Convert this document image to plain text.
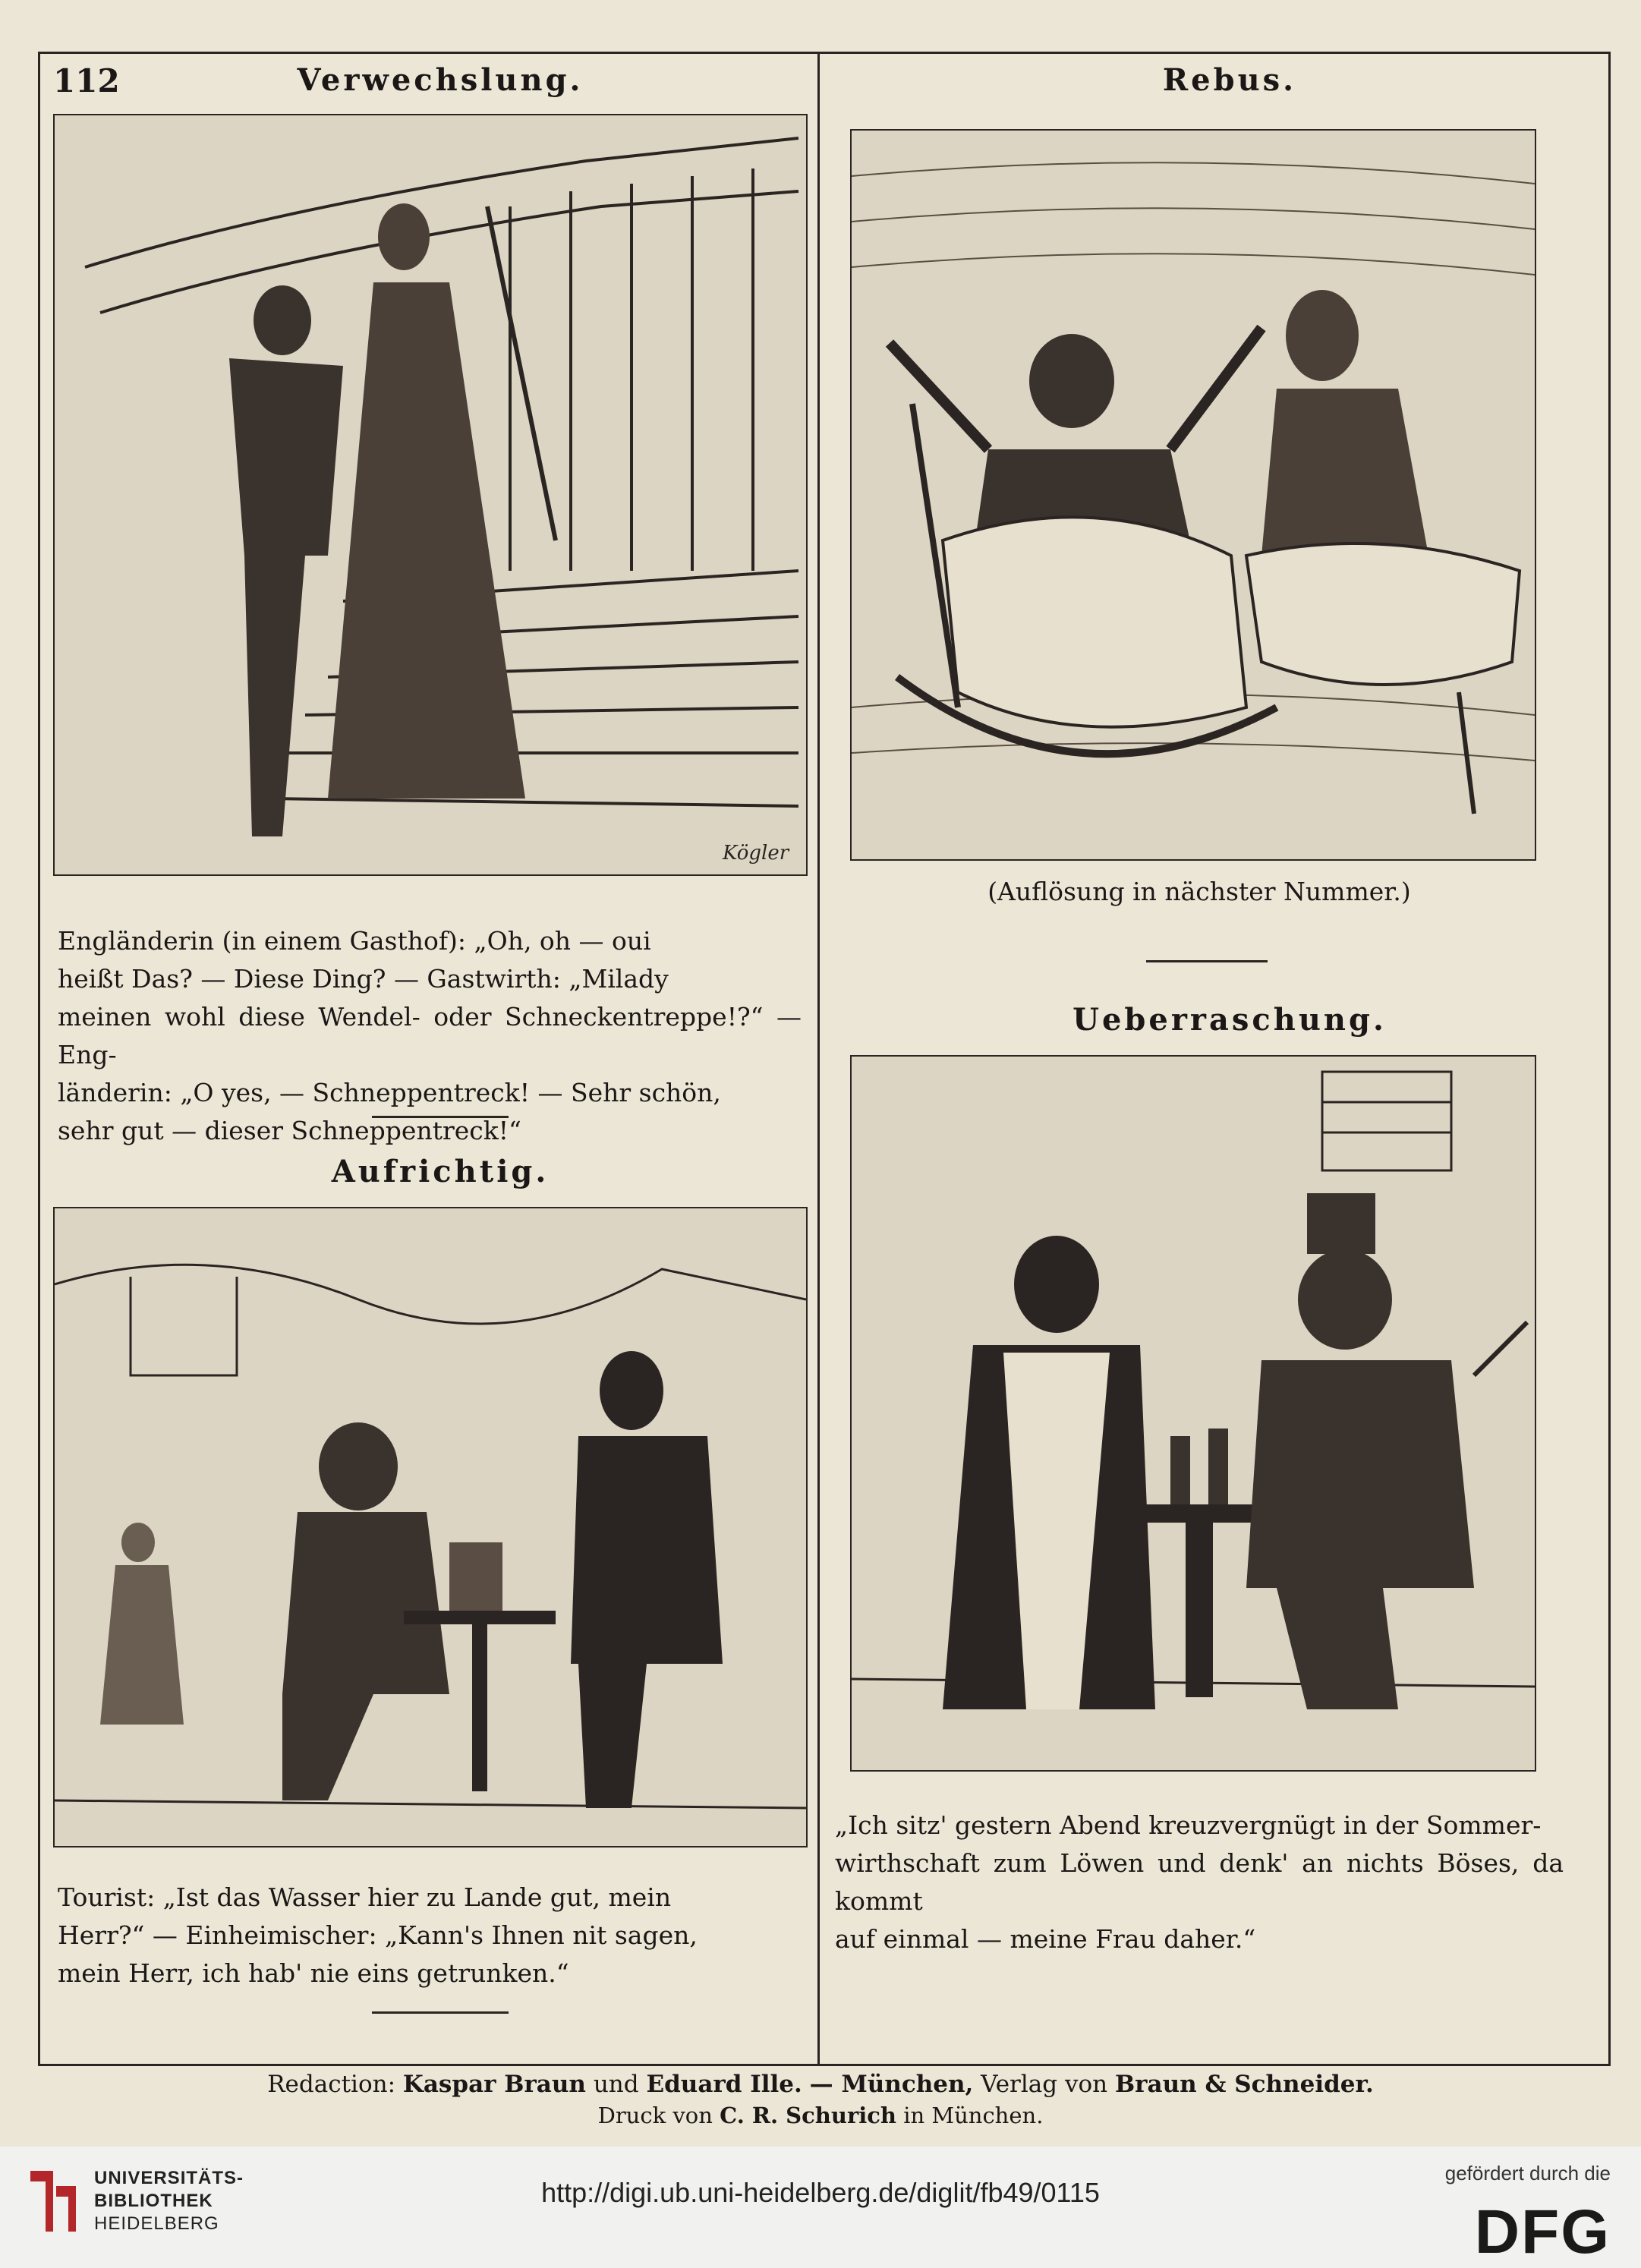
112	Verwechslung.
Kögler
Engländerin (in einem Gasthof): „Oh, oh — oui
heißt Das? — Diese Ding? — Gastwirth: „Milady
meinen wohl diese Wendel- oder Schneckentreppe!?“ — Eng-
länderin: „O yes, — Schneppentreck! — Sehr schön,
sehr gut — dieser Schneppentreck!“
Aufrichtig.
Tourist: „Ist das Wasser hier zu Lande gut, mein
Herr?“ — Einheimischer: „Kann's Ihnen nit sagen,
mein Herr, ich hab' nie eins getrunken.“
Rebus.
(Auflösung in nächster Nummer.)
Ueberraschung.
„Ich sitz' gestern Abend kreuzvergnügt in der Sommer-
wirthschaft zum Löwen und denk' an nichts Böses, da kommt
auf einmal — meine Frau daher.“
Redaction: Kaspar Braun und Eduard Ille. — München, Verlag von Braun & Schneider.
Druck von C. R. Schurich in München.
UNIVERSITÄTS-
BIBLIOTHEK
HEIDELBERG
http://digi.ub.uni-heidelberg.de/diglit/fb49/0115
gefördert durch die
DFG
